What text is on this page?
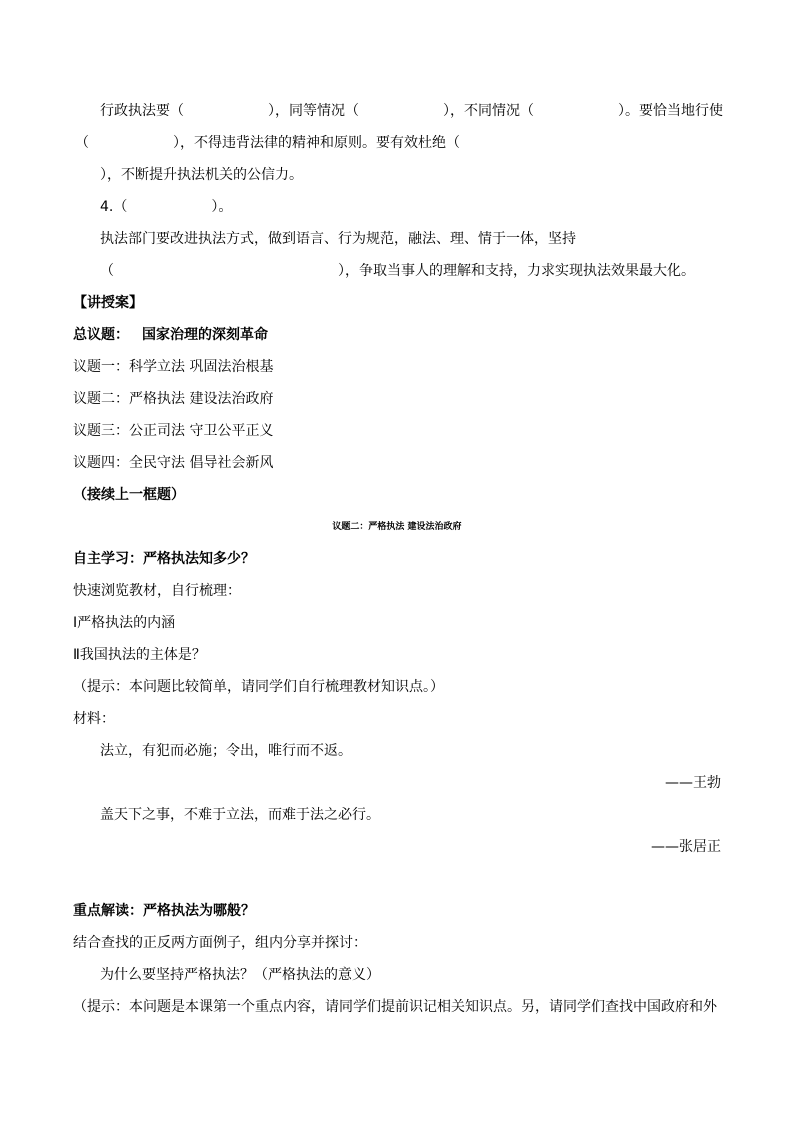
行政执法要（　　　　　　），同等情况（　　　　　　），不同情况（　　　　　　）。要恰当地行使
（　　　　　　），不得违背法律的精神和原则。要有效杜绝（
），不断提升执法机关的公信力。
4.（　　　　　　）。
执法部门要改进执法方式，做到语言、行为规范，融法、理、情于一体，坚持
（　　　　　　　　　　　　　　　　），争取当事人的理解和支持，力求实现执法效果最大化。
【讲授案】
总议题： 国家治理的深刻革命
议题一：科学立法 巩固法治根基
议题二：严格执法 建设法治政府
议题三：公正司法 守卫公平正义
议题四：全民守法 倡导社会新风
（接续上一框题）
议题二：严格执法 建设法治政府
自主学习：严格执法知多少？
快速浏览教材，自行梳理：
Ⅰ严格执法的内涵
Ⅱ我国执法的主体是？
（提示：本问题比较简单，请同学们自行梳理教材知识点。）
材料：
法立，有犯而必施；令出，唯行而不返。
——王勃
盖天下之事，不难于立法，而难于法之必行。
——张居正
重点解读：严格执法为哪般？
结合查找的正反两方面例子，组内分享并探讨：
为什么要坚持严格执法？（严格执法的意义）
（提示：本问题是本课第一个重点内容，请同学们提前识记相关知识点。另，请同学们查找中国政府和外
